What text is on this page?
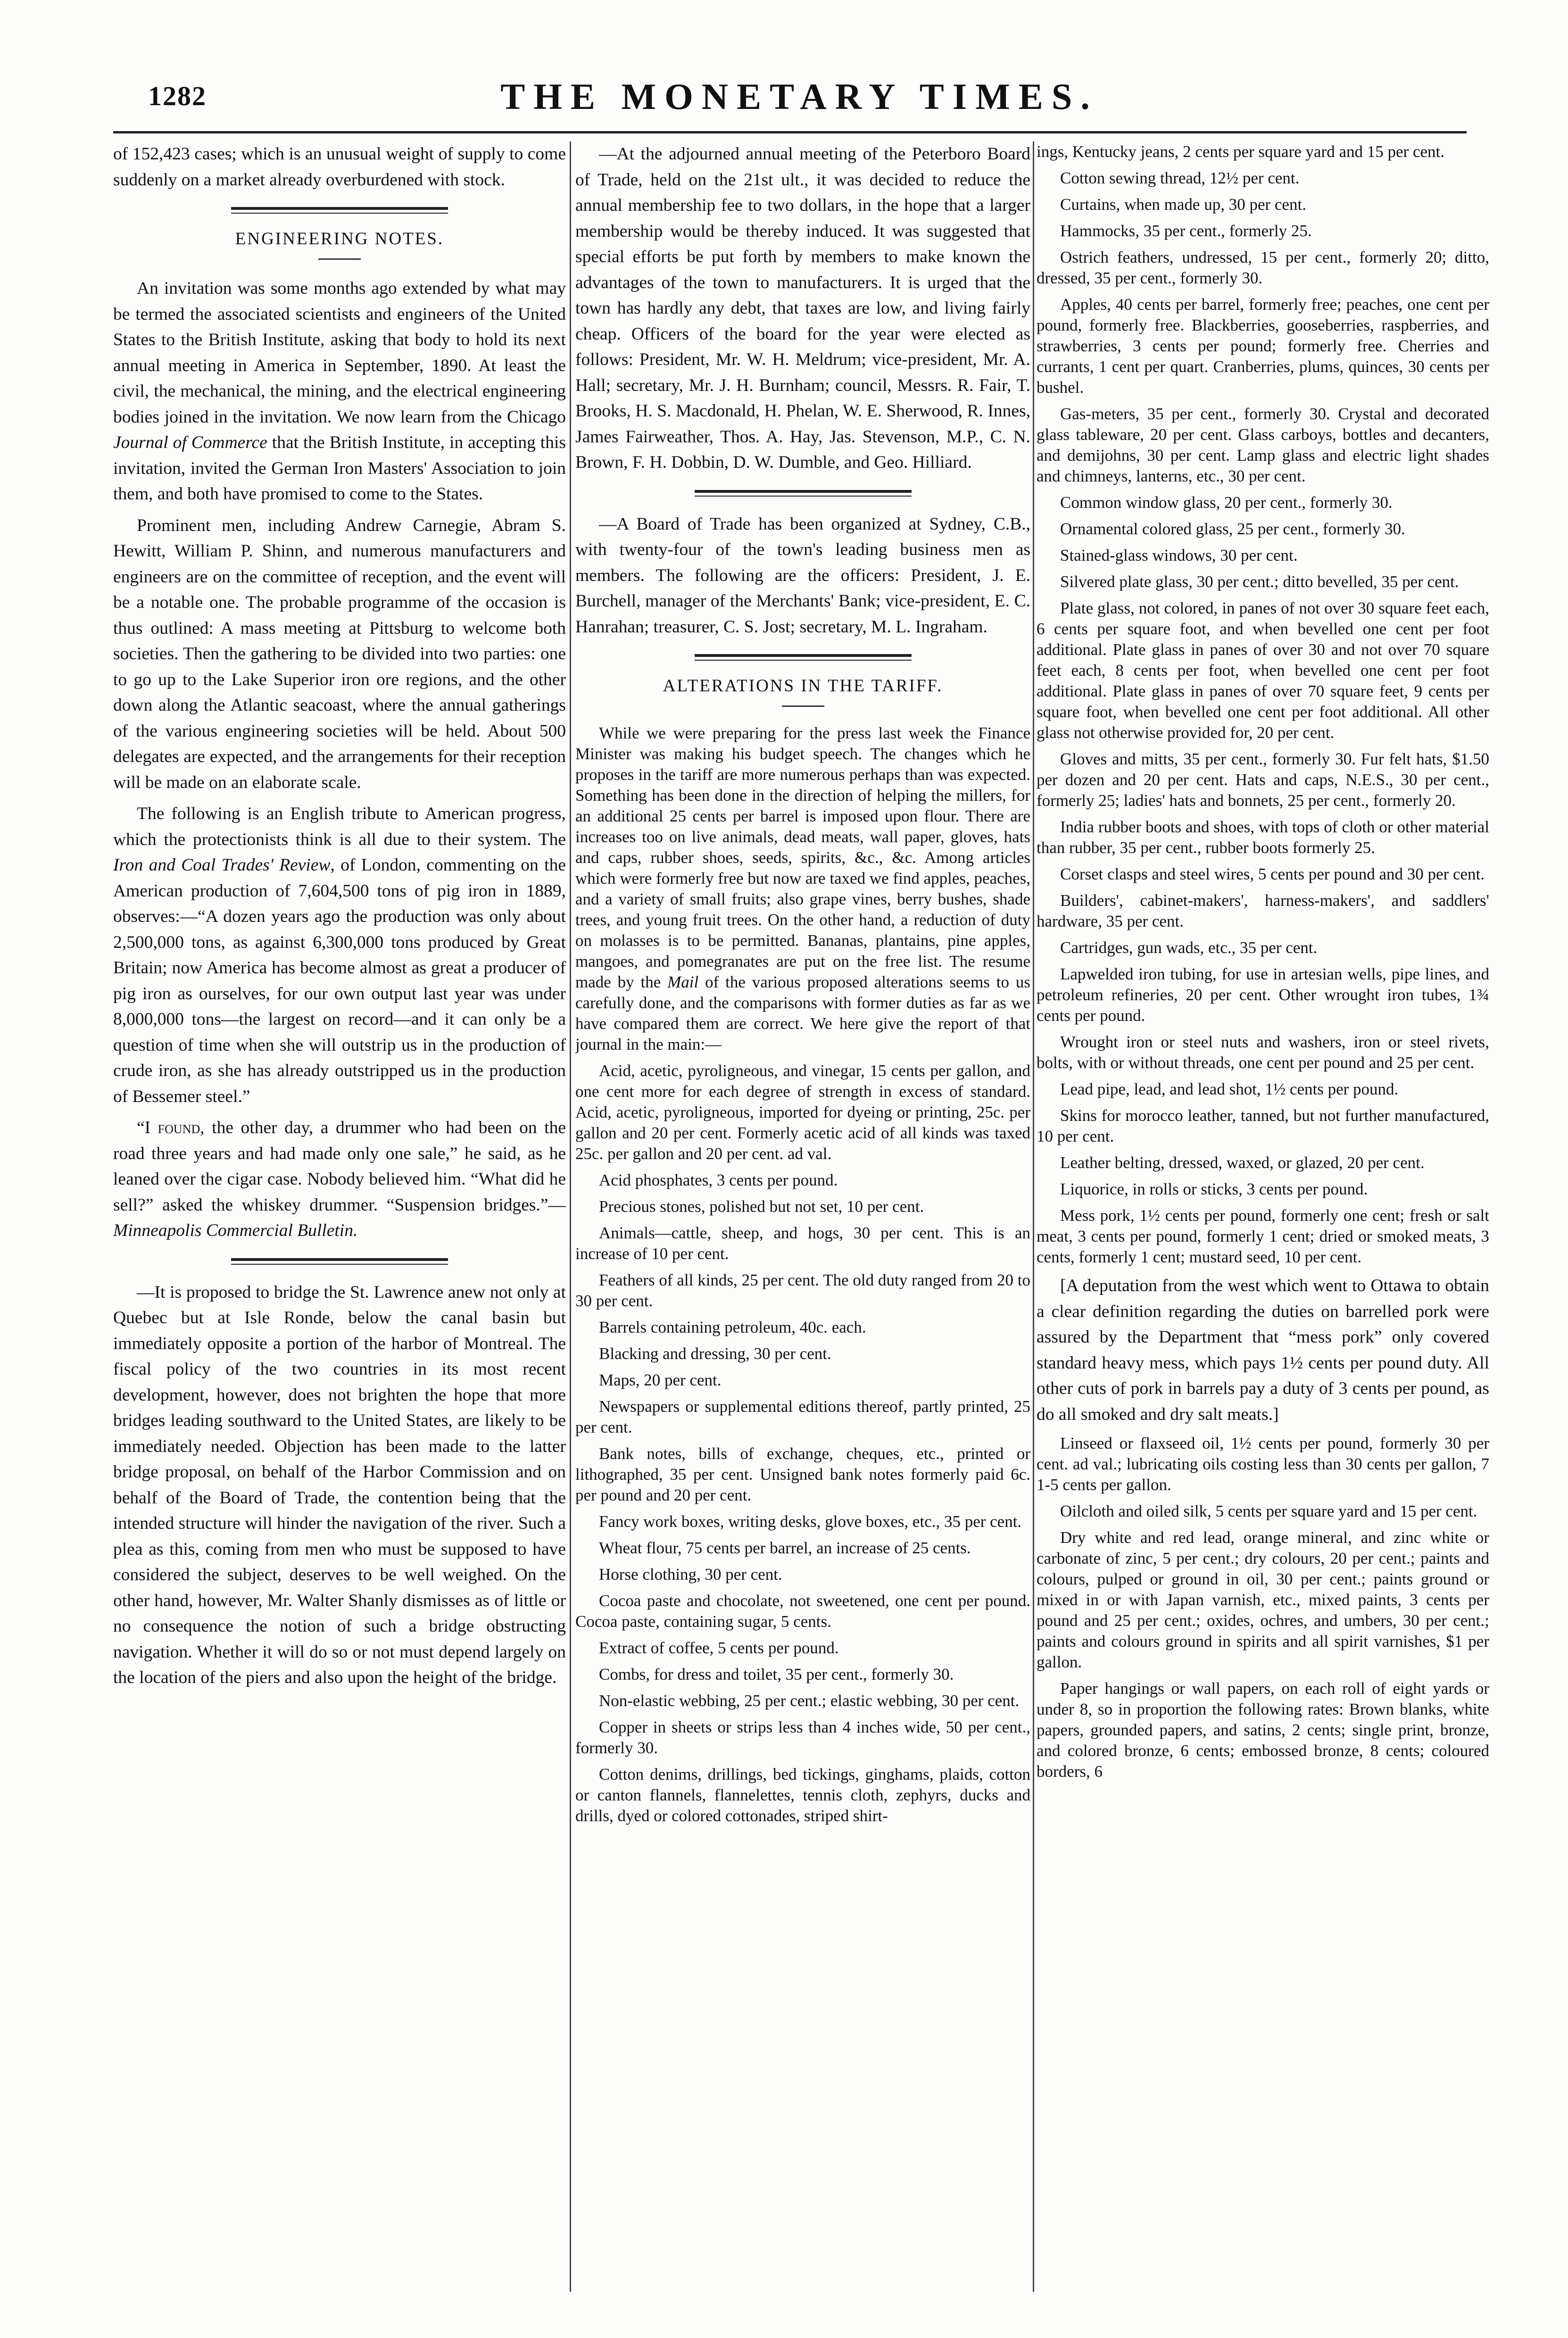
1282	THE MONETARY TIMES.

of 152,423 cases; which is an unusual weight of supply to come suddenly on a market already overburdened with stock.

ENGINEERING NOTES.

An invitation was some months ago extended by what may be termed the associated scientists and engineers of the United States to the British Institute, asking that body to hold its next annual meeting in America in September, 1890. At least the civil, the mechanical, the mining, and the electrical engineering bodies joined in the invitation. We now learn from the Chicago Journal of Commerce that the British Institute, in accepting this invitation, invited the German Iron Masters' Association to join them, and both have promised to come to the States.

Prominent men, including Andrew Carnegie, Abram S. Hewitt, William P. Shinn, and numerous manufacturers and engineers are on the committee of reception, and the event will be a notable one. The probable programme of the occasion is thus outlined: A mass meeting at Pittsburg to welcome both societies. Then the gathering to be divided into two parties: one to go up to the Lake Superior iron ore regions, and the other down along the Atlantic seacoast, where the annual gatherings of the various engineering societies will be held. About 500 delegates are expected, and the arrangements for their reception will be made on an elaborate scale.

The following is an English tribute to American progress, which the protectionists think is all due to their system. The Iron and Coal Trades' Review, of London, commenting on the American production of 7,604,500 tons of pig iron in 1889, observes:—“A dozen years ago the production was only about 2,500,000 tons, as against 6,300,000 tons produced by Great Britain; now America has become almost as great a producer of pig iron as ourselves, for our own output last year was under 8,000,000 tons—the largest on record—and it can only be a question of time when she will outstrip us in the production of crude iron, as she has already outstripped us in the production of Bessemer steel.”

“I found, the other day, a drummer who had been on the road three years and had made only one sale,” he said, as he leaned over the cigar case. Nobody believed him. “What did he sell?” asked the whiskey drummer. “Suspension bridges.”—Minneapolis Commercial Bulletin.

—It is proposed to bridge the St. Lawrence anew not only at Quebec but at Isle Ronde, below the canal basin but immediately opposite a portion of the harbor of Montreal. The fiscal policy of the two countries in its most recent development, however, does not brighten the hope that more bridges leading southward to the United States, are likely to be immediately needed. Objection has been made to the latter bridge proposal, on behalf of the Harbor Commission and on behalf of the Board of Trade, the contention being that the intended structure will hinder the navigation of the river. Such a plea as this, coming from men who must be supposed to have considered the subject, deserves to be well weighed. On the other hand, however, Mr. Walter Shanly dismisses as of little or no consequence the notion of such a bridge obstructing navigation. Whether it will do so or not must depend largely on the location of the piers and also upon the height of the bridge.

—At the adjourned annual meeting of the Peterboro Board of Trade, held on the 21st ult., it was decided to reduce the annual membership fee to two dollars, in the hope that a larger membership would be thereby induced. It was suggested that special efforts be put forth by members to make known the advantages of the town to manufacturers. It is urged that the town has hardly any debt, that taxes are low, and living fairly cheap. Officers of the board for the year were elected as follows: President, Mr. W. H. Meldrum; vice-president, Mr. A. Hall; secretary, Mr. J. H. Burnham; council, Messrs. R. Fair, T. Brooks, H. S. Macdonald, H. Phelan, W. E. Sherwood, R. Innes, James Fairweather, Thos. A. Hay, Jas. Stevenson, M.P., C. N. Brown, F. H. Dobbin, D. W. Dumble, and Geo. Hilliard.

—A Board of Trade has been organized at Sydney, C.B., with twenty-four of the town's leading business men as members. The following are the officers: President, J. E. Burchell, manager of the Merchants' Bank; vice-president, E. C. Hanrahan; treasurer, C. S. Jost; secretary, M. L. Ingraham.

ALTERATIONS IN THE TARIFF.

While we were preparing for the press last week the Finance Minister was making his budget speech. The changes which he proposes in the tariff are more numerous perhaps than was expected. Something has been done in the direction of helping the millers, for an additional 25 cents per barrel is imposed upon flour. There are increases too on live animals, dead meats, wall paper, gloves, hats and caps, rubber shoes, seeds, spirits, &c., &c. Among articles which were formerly free but now are taxed we find apples, peaches, and a variety of small fruits; also grape vines, berry bushes, shade trees, and young fruit trees. On the other hand, a reduction of duty on molasses is to be permitted. Bananas, plantains, pine apples, mangoes, and pomegranates are put on the free list. The resume made by the Mail of the various proposed alterations seems to us carefully done, and the comparisons with former duties as far as we have compared them are correct. We here give the report of that journal in the main:—

Acid, acetic, pyroligneous, and vinegar, 15 cents per gallon, and one cent more for each degree of strength in excess of standard. Acid, acetic, pyroligneous, imported for dyeing or printing, 25c. per gallon and 20 per cent. Formerly acetic acid of all kinds was taxed 25c. per gallon and 20 per cent. ad val.

Acid phosphates, 3 cents per pound.

Precious stones, polished but not set, 10 per cent.

Animals—cattle, sheep, and hogs, 30 per cent. This is an increase of 10 per cent.

Feathers of all kinds, 25 per cent. The old duty ranged from 20 to 30 per cent.

Barrels containing petroleum, 40c. each.

Blacking and dressing, 30 per cent.

Maps, 20 per cent.

Newspapers or supplemental editions thereof, partly printed, 25 per cent.

Bank notes, bills of exchange, cheques, etc., printed or lithographed, 35 per cent. Unsigned bank notes formerly paid 6c. per pound and 20 per cent.

Fancy work boxes, writing desks, glove boxes, etc., 35 per cent.

Wheat flour, 75 cents per barrel, an increase of 25 cents.

Horse clothing, 30 per cent.

Cocoa paste and chocolate, not sweetened, one cent per pound. Cocoa paste, containing sugar, 5 cents.

Extract of coffee, 5 cents per pound.

Combs, for dress and toilet, 35 per cent., formerly 30.

Non-elastic webbing, 25 per cent.; elastic webbing, 30 per cent.

Copper in sheets or strips less than 4 inches wide, 50 per cent., formerly 30.

Cotton denims, drillings, bed tickings, ginghams, plaids, cotton or canton flannels, flannelettes, tennis cloth, zephyrs, ducks and drills, dyed or colored cottonades, striped shirt-

ings, Kentucky jeans, 2 cents per square yard and 15 per cent.

Cotton sewing thread, 12½ per cent.

Curtains, when made up, 30 per cent.

Hammocks, 35 per cent., formerly 25.

Ostrich feathers, undressed, 15 per cent., formerly 20; ditto, dressed, 35 per cent., formerly 30.

Apples, 40 cents per barrel, formerly free; peaches, one cent per pound, formerly free. Blackberries, gooseberries, raspberries, and strawberries, 3 cents per pound; formerly free. Cherries and currants, 1 cent per quart. Cranberries, plums, quinces, 30 cents per bushel.

Gas-meters, 35 per cent., formerly 30. Crystal and decorated glass tableware, 20 per cent. Glass carboys, bottles and decanters, and demijohns, 30 per cent. Lamp glass and electric light shades and chimneys, lanterns, etc., 30 per cent.

Common window glass, 20 per cent., formerly 30.

Ornamental colored glass, 25 per cent., formerly 30.

Stained-glass windows, 30 per cent.

Silvered plate glass, 30 per cent.; ditto bevelled, 35 per cent.

Plate glass, not colored, in panes of not over 30 square feet each, 6 cents per square foot, and when bevelled one cent per foot additional. Plate glass in panes of over 30 and not over 70 square feet each, 8 cents per foot, when bevelled one cent per foot additional. Plate glass in panes of over 70 square feet, 9 cents per square foot, when bevelled one cent per foot additional. All other glass not otherwise provided for, 20 per cent.

Gloves and mitts, 35 per cent., formerly 30. Fur felt hats, $1.50 per dozen and 20 per cent. Hats and caps, N.E.S., 30 per cent., formerly 25; ladies' hats and bonnets, 25 per cent., formerly 20.

India rubber boots and shoes, with tops of cloth or other material than rubber, 35 per cent., rubber boots formerly 25.

Corset clasps and steel wires, 5 cents per pound and 30 per cent.

Builders', cabinet-makers', harness-makers', and saddlers' hardware, 35 per cent.

Cartridges, gun wads, etc., 35 per cent.

Lapwelded iron tubing, for use in artesian wells, pipe lines, and petroleum refineries, 20 per cent. Other wrought iron tubes, 1¾ cents per pound.

Wrought iron or steel nuts and washers, iron or steel rivets, bolts, with or without threads, one cent per pound and 25 per cent.

Lead pipe, lead, and lead shot, 1½ cents per pound.

Skins for morocco leather, tanned, but not further manufactured, 10 per cent.

Leather belting, dressed, waxed, or glazed, 20 per cent.

Liquorice, in rolls or sticks, 3 cents per pound.

Mess pork, 1½ cents per pound, formerly one cent; fresh or salt meat, 3 cents per pound, formerly 1 cent; dried or smoked meats, 3 cents, formerly 1 cent; mustard seed, 10 per cent.

[A deputation from the west which went to Ottawa to obtain a clear definition regarding the duties on barrelled pork were assured by the Department that “mess pork” only covered standard heavy mess, which pays 1½ cents per pound duty. All other cuts of pork in barrels pay a duty of 3 cents per pound, as do all smoked and dry salt meats.]

Linseed or flaxseed oil, 1½ cents per pound, formerly 30 per cent. ad val.; lubricating oils costing less than 30 cents per gallon, 7 1-5 cents per gallon.

Oilcloth and oiled silk, 5 cents per square yard and 15 per cent.

Dry white and red lead, orange mineral, and zinc white or carbonate of zinc, 5 per cent.; dry colours, 20 per cent.; paints and colours, pulped or ground in oil, 30 per cent.; paints ground or mixed in or with Japan varnish, etc., mixed paints, 3 cents per pound and 25 per cent.; oxides, ochres, and umbers, 30 per cent.; paints and colours ground in spirits and all spirit varnishes, $1 per gallon.

Paper hangings or wall papers, on each roll of eight yards or under 8, so in proportion the following rates: Brown blanks, white papers, grounded papers, and satins, 2 cents; single print, bronze, and colored bronze, 6 cents; embossed bronze, 8 cents; coloured borders, 6
